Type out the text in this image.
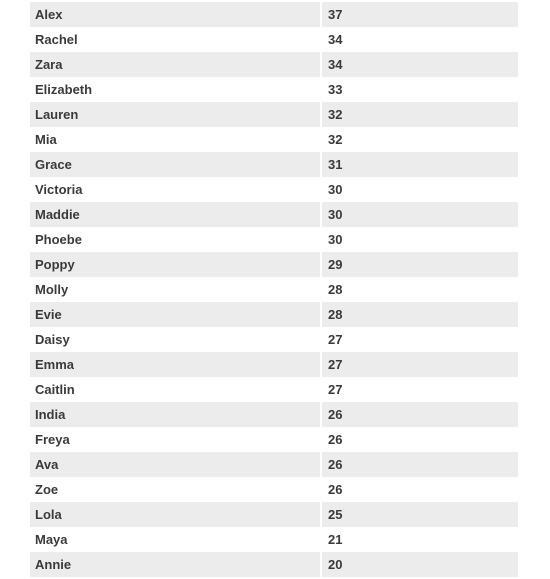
Alex	37
Rachel	34
Zara	34
Elizabeth	33
Lauren	32
Mia	32
Grace	31
Victoria	30
Maddie	30
Phoebe	30
Poppy	29
Molly	28
Evie	28
Daisy	27
Emma	27
Caitlin	27
India	26
Freya	26
Ava	26
Zoe	26
Lola	25
Maya	21
Annie	20
